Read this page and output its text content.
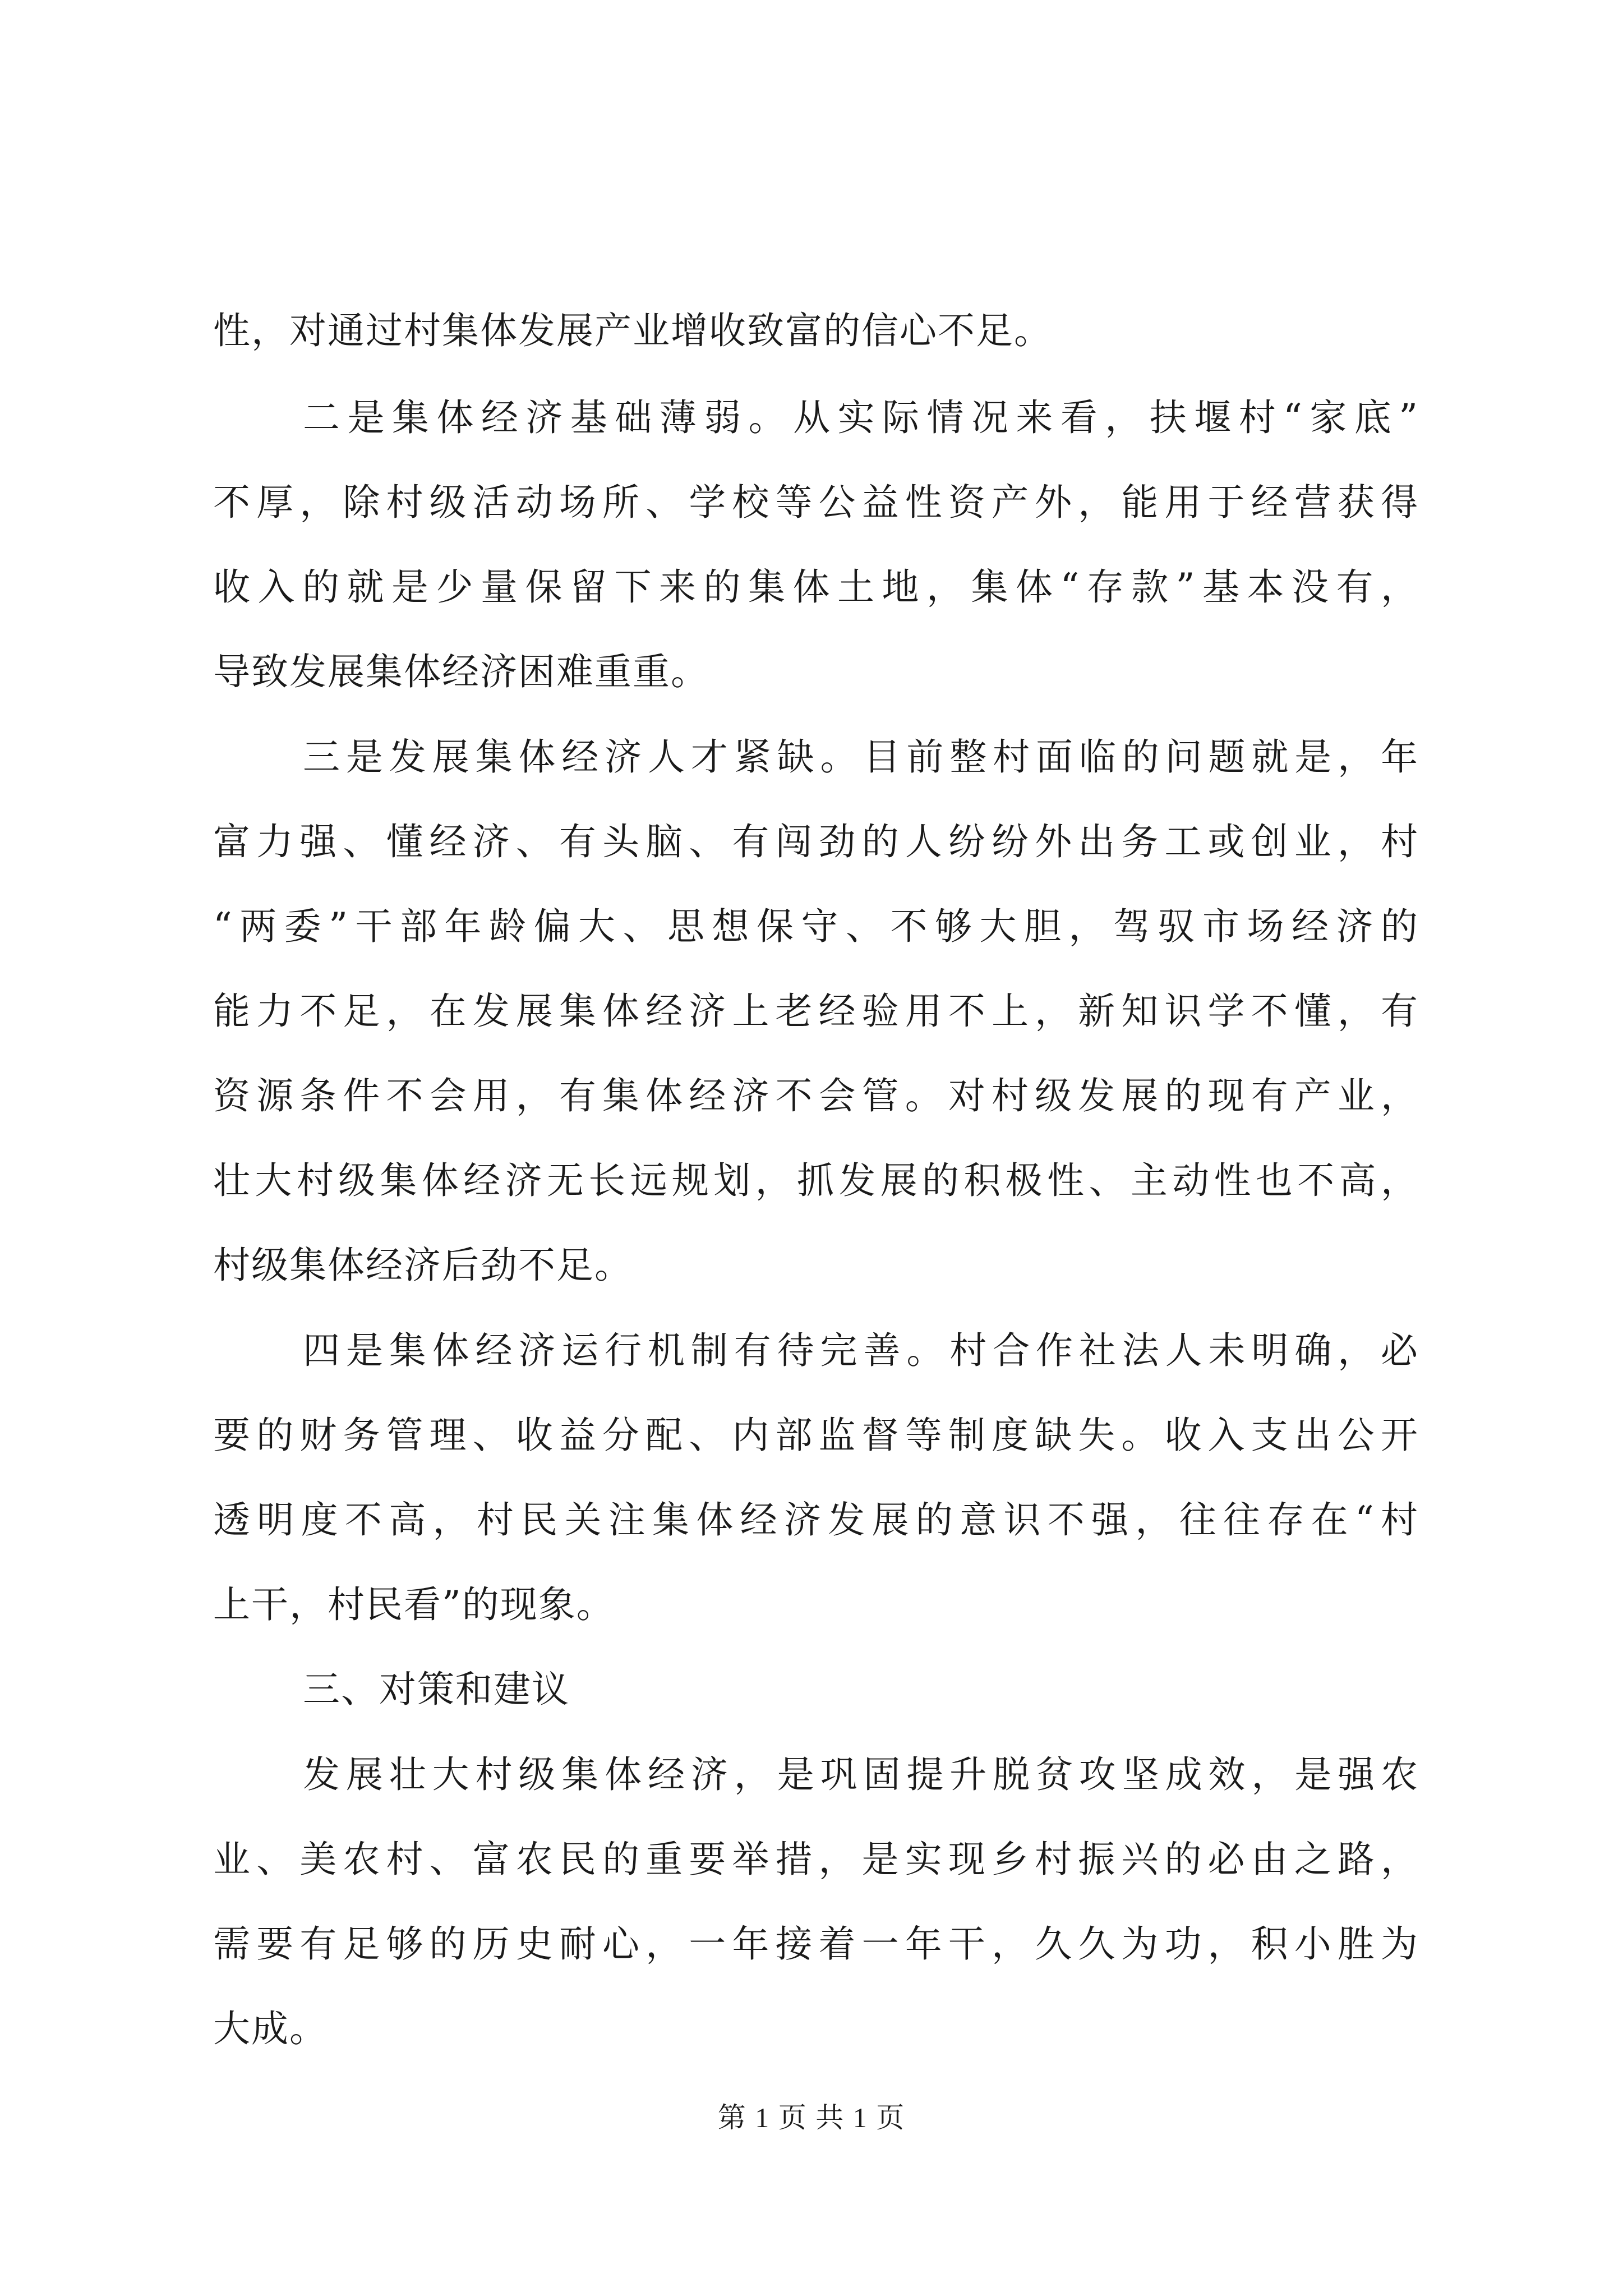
性，对通过村集体发展产业增收致富的信心不足。
二是集体经济基础薄弱。从实际情况来看，扶堰村“家底”
不厚，除村级活动场所、学校等公益性资产外，能用于经营获得
收入的就是少量保留下来的集体土地，集体“存款”基本没有，
导致发展集体经济困难重重。
三是发展集体经济人才紧缺。目前整村面临的问题就是，年
富力强、懂经济、有头脑、有闯劲的人纷纷外出务工或创业，村
“两委”干部年龄偏大、思想保守、不够大胆，驾驭市场经济的
能力不足，在发展集体经济上老经验用不上，新知识学不懂，有
资源条件不会用，有集体经济不会管。对村级发展的现有产业，
壮大村级集体经济无长远规划，抓发展的积极性、主动性也不高，
村级集体经济后劲不足。
四是集体经济运行机制有待完善。村合作社法人未明确，必
要的财务管理、收益分配、内部监督等制度缺失。收入支出公开
透明度不高，村民关注集体经济发展的意识不强，往往存在“村
上干，村民看”的现象。
三、对策和建议
发展壮大村级集体经济，是巩固提升脱贫攻坚成效，是强农
业、美农村、富农民的重要举措，是实现乡村振兴的必由之路，
需要有足够的历史耐心，一年接着一年干，久久为功，积小胜为
大成。
第 1 页 共 1 页
